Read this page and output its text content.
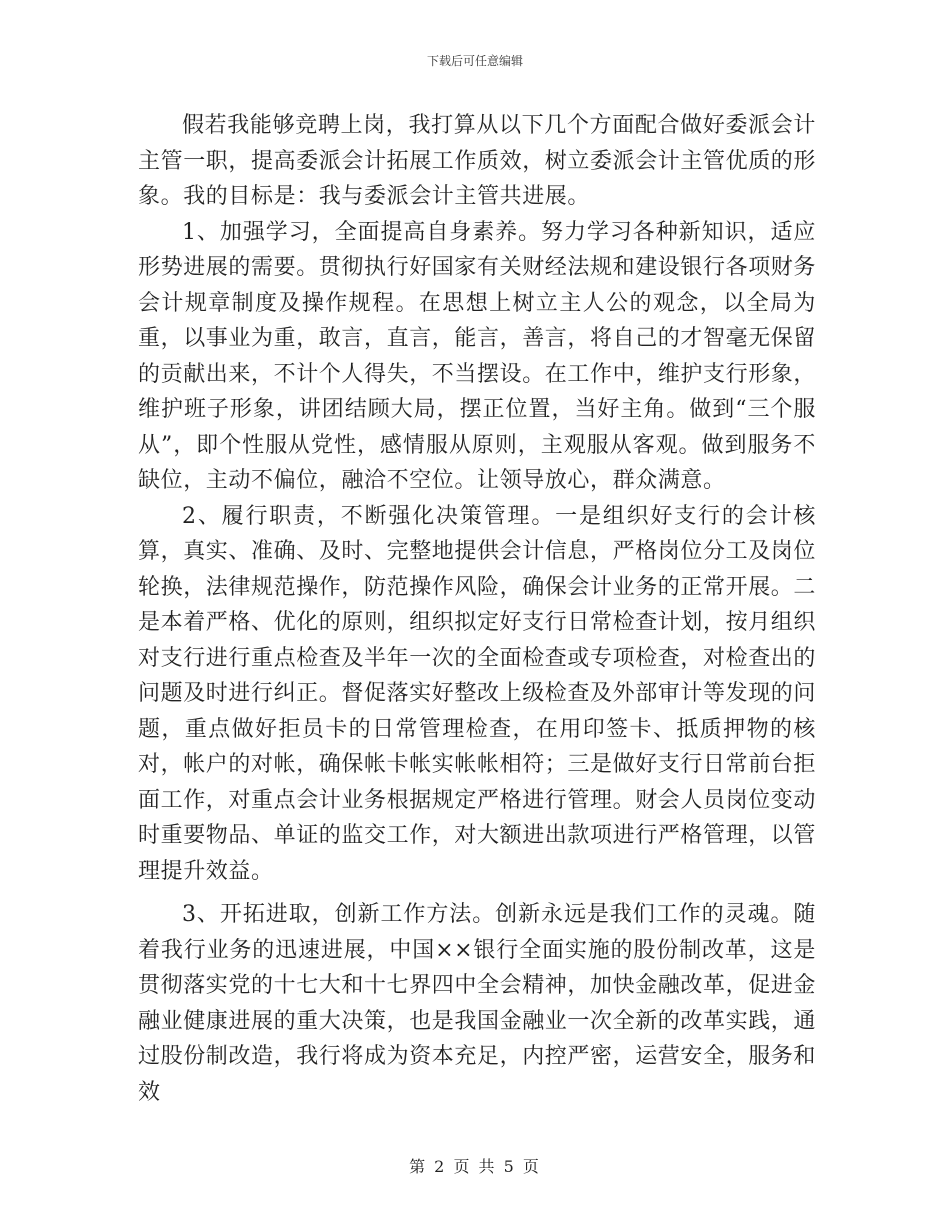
下载后可任意编辑

假若我能够竞聘上岗，我打算从以下几个方面配合做好委派会计主管一职，提高委派会计拓展工作质效，树立委派会计主管优质的形象。我的目标是：我与委派会计主管共进展。

1、加强学习，全面提高自身素养。努力学习各种新知识，适应形势进展的需要。贯彻执行好国家有关财经法规和建设银行各项财务会计规章制度及操作规程。在思想上树立主人公的观念，以全局为重，以事业为重，敢言，直言，能言，善言，将自己的才智毫无保留的贡献出来，不计个人得失，不当摆设。在工作中，维护支行形象，维护班子形象，讲团结顾大局，摆正位置，当好主角。做到“三个服从”，即个性服从党性，感情服从原则，主观服从客观。做到服务不缺位，主动不偏位，融洽不空位。让领导放心，群众满意。

2、履行职责，不断强化决策管理。一是组织好支行的会计核算，真实、准确、及时、完整地提供会计信息，严格岗位分工及岗位轮换，法律规范操作，防范操作风险，确保会计业务的正常开展。二是本着严格、优化的原则，组织拟定好支行日常检查计划，按月组织对支行进行重点检查及半年一次的全面检查或专项检查，对检查出的问题及时进行纠正。督促落实好整改上级检查及外部审计等发现的问题，重点做好拒员卡的日常管理检查，在用印签卡、抵质押物的核对，帐户的对帐，确保帐卡帐实帐帐相符；三是做好支行日常前台拒面工作，对重点会计业务根据规定严格进行管理。财会人员岗位变动时重要物品、单证的监交工作，对大额进出款项进行严格管理，以管理提升效益。

3、开拓进取，创新工作方法。创新永远是我们工作的灵魂。随着我行业务的迅速进展，中国××银行全面实施的股份制改革，这是贯彻落实党的十七大和十七界四中全会精神，加快金融改革，促进金融业健康进展的重大决策，也是我国金融业一次全新的改革实践，通过股份制改造，我行将成为资本充足，内控严密，运营安全，服务和效

第 2 页 共 5 页
